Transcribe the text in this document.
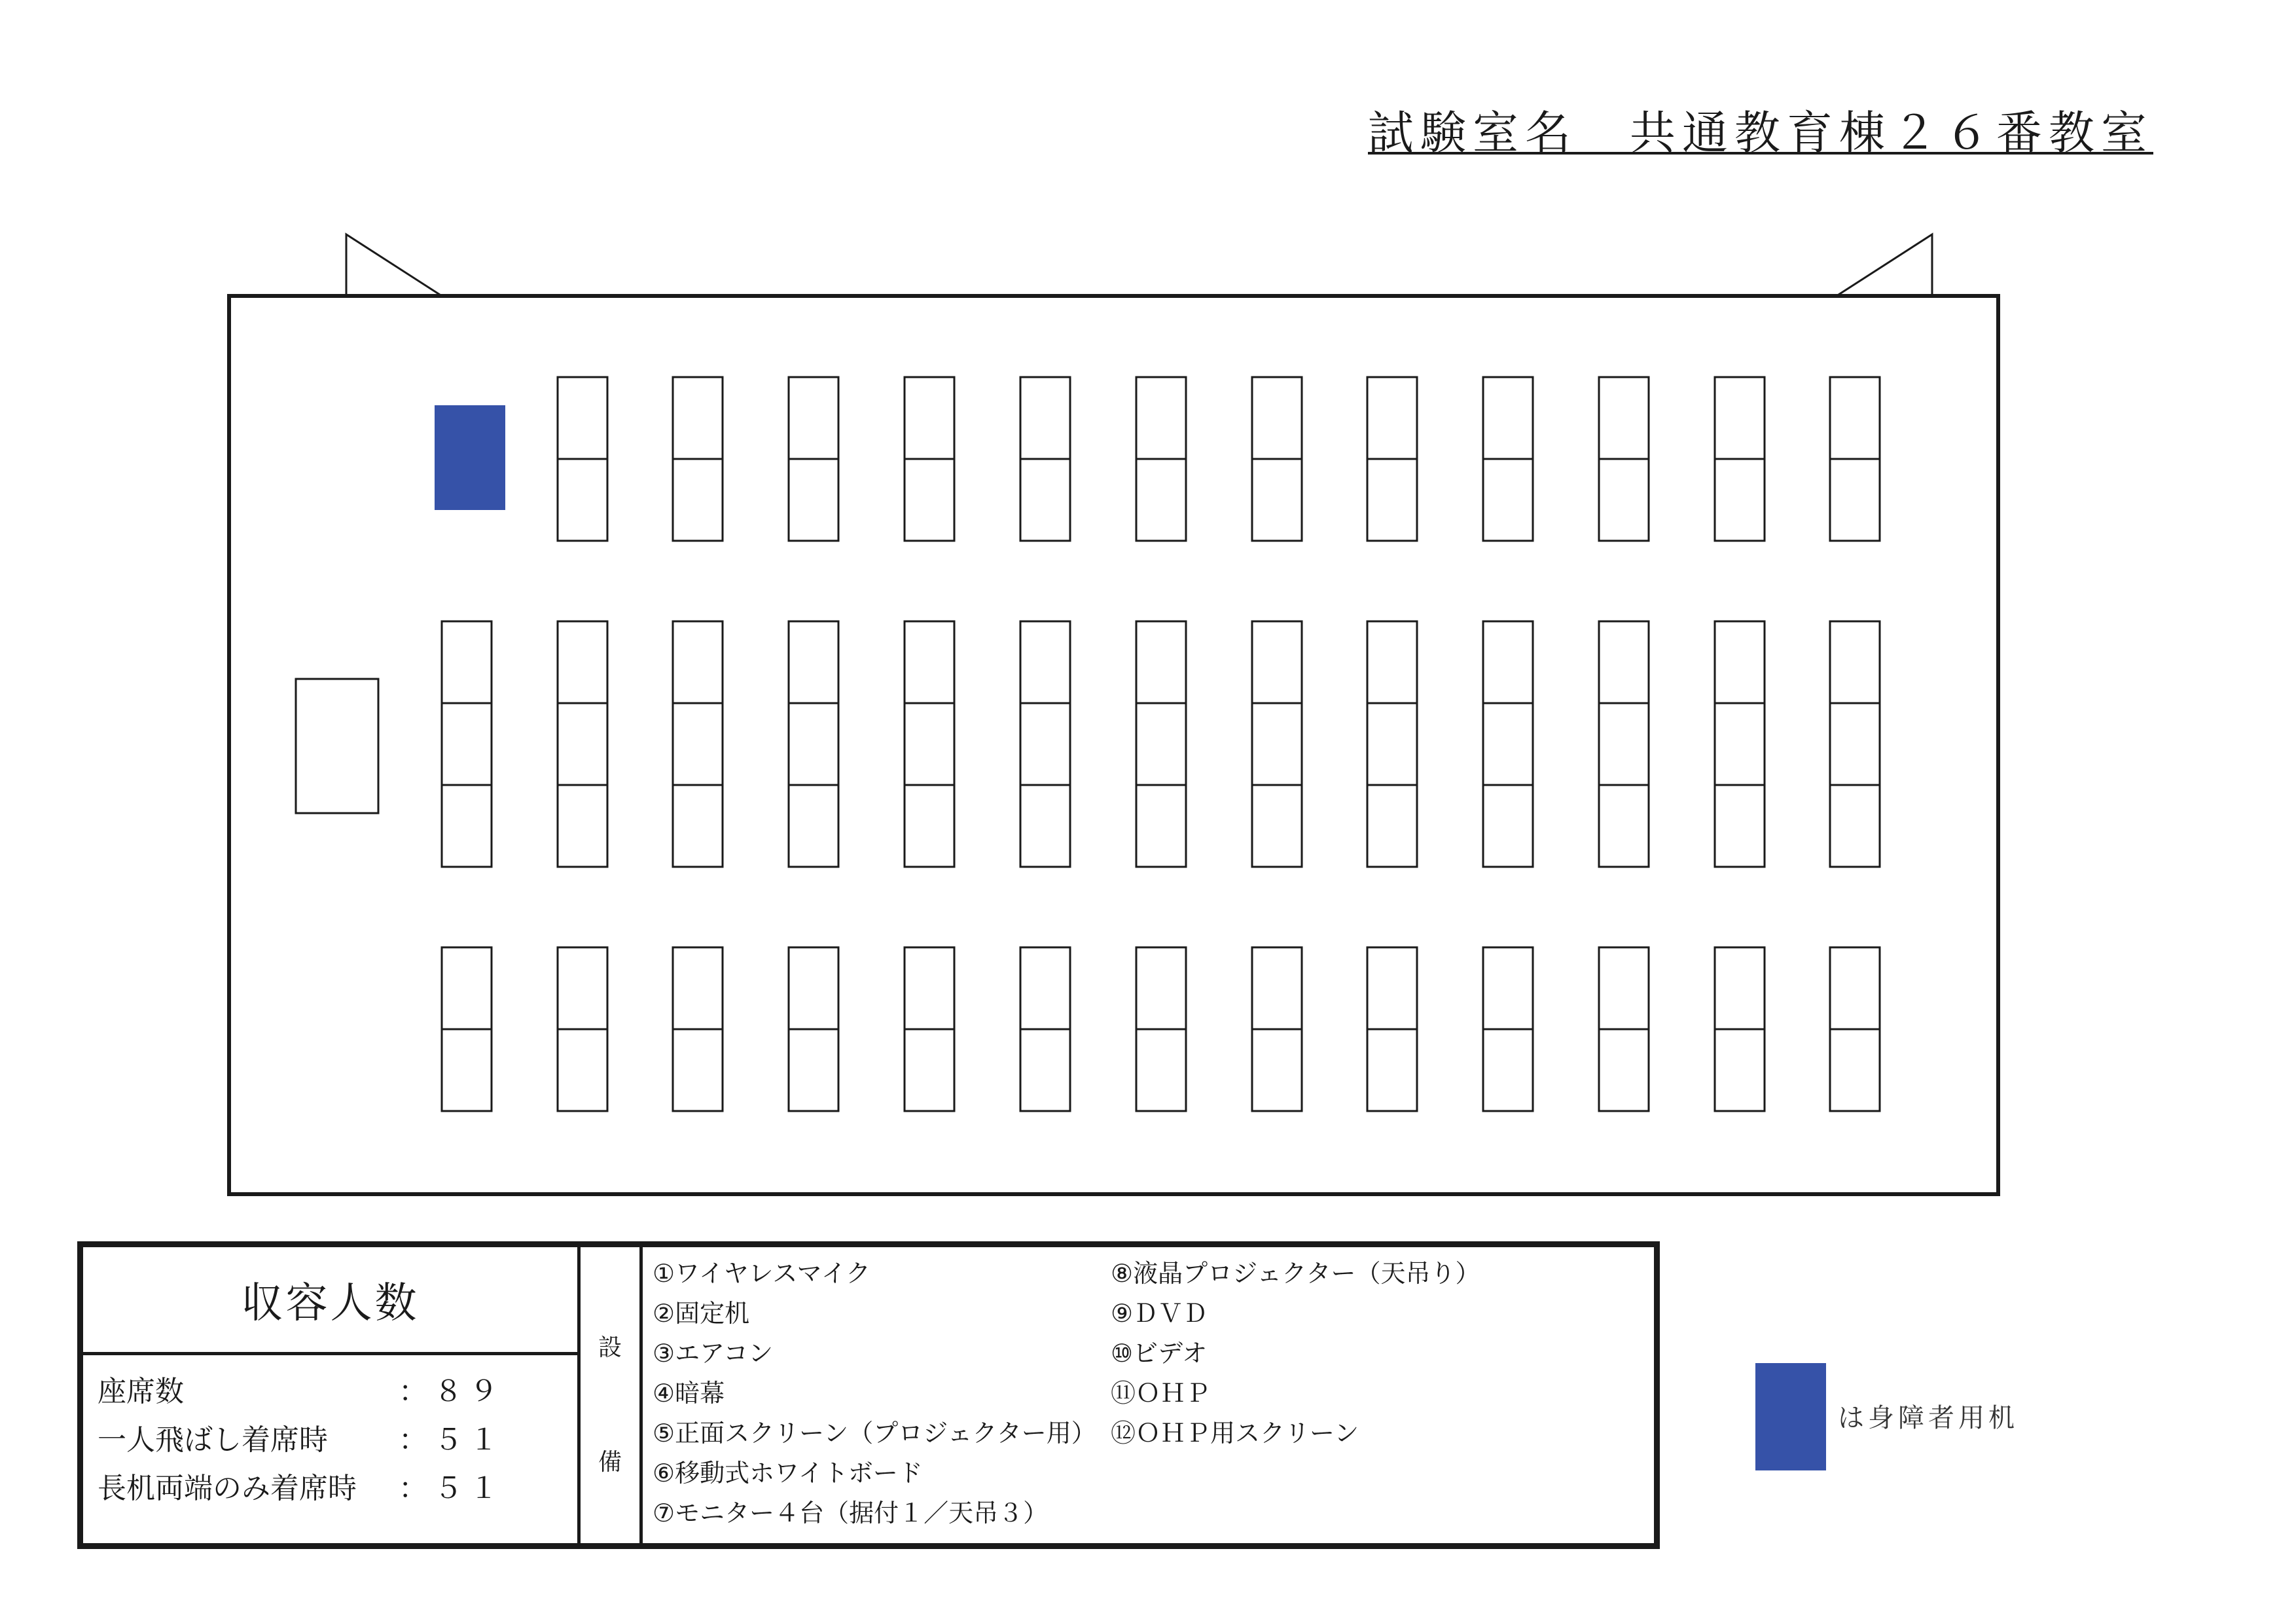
試験室名　共通教育棟２６番教室
収容人数
座席数	：８９
一人飛ばし着席時	：５１
長机両端のみ着席時	：５１
設
備
①ワイヤレスマイク
②固定机
③エアコン
④暗幕
⑤正面スクリーン（プロジェクター用）
⑥移動式ホワイトボード
⑦モニター４台（据付１／天吊３）
⑧液晶プロジェクター（天吊り）
⑨ＤＶＤ
⑩ビデオ
⑪ＯＨＰ
⑫ＯＨＰ用スクリーン	は身障者用机
